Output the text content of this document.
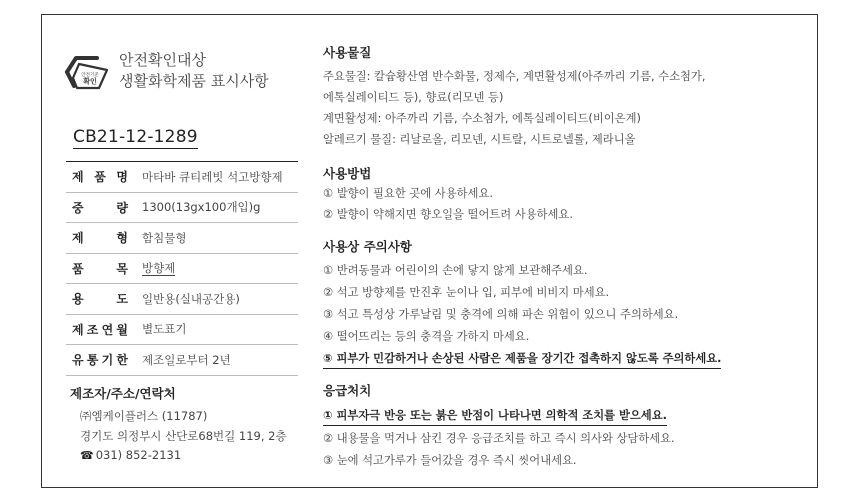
안전기준
확인
안전확인대상
생활화학제품 표시사항
CB21-12-1289
제 품 명	마타바 큐티레빗 석고방향제

중 량	1300(13gx100개입)g

제 형	함침물형

품 목	방향제

용 도	일반용(실내공간용)

제 조 연 월	별도표기

유 통 기 한	제조일로부터 2년
제조자/주소/연락처
㈜엠케이플러스 (11787)
경기도 의정부시 산단로68번길 119, 2층
☎ 031) 852-2131
사용물질
주요물질: 칼슘황산염 반수화물, 정제수, 계면활성제(아주까리 기름, 수소첨가,
에톡실레이티드 등), 향료(리모넨 등)
계면활성제: 아주까리 기름, 수소첨가, 에톡실레이티드(비이온계)
알레르기 물질: 리날로올, 리모넨, 시트랄, 시트로넬롤, 제라니올
사용방법
① 발향이 필요한 곳에 사용하세요.
② 발향이 약해지면 향오일을 떨어트려 사용하세요.
사용상 주의사항
① 반려동물과 어린이의 손에 닿지 않게 보관해주세요.
② 석고 방향제를 만진후 눈이나 입, 피부에 비비지 마세요.
③ 석고 특성상 가루날림 및 충격에 의해 파손 위험이 있으니 주의하세요.
④ 떨어뜨리는 등의 충격을 가하지 마세요.
⑤ 피부가 민감하거나 손상된 사람은 제품을 장기간 접촉하지 않도록 주의하세요.
응급처치
① 피부자극 반응 또는 붉은 반점이 나타나면 의학적 조치를 받으세요.
② 내용물을 먹거나 삼킨 경우 응급조치를 하고 즉시 의사와 상담하세요.
③ 눈에 석고가루가 들어갔을 경우 즉시 씻어내세요.
